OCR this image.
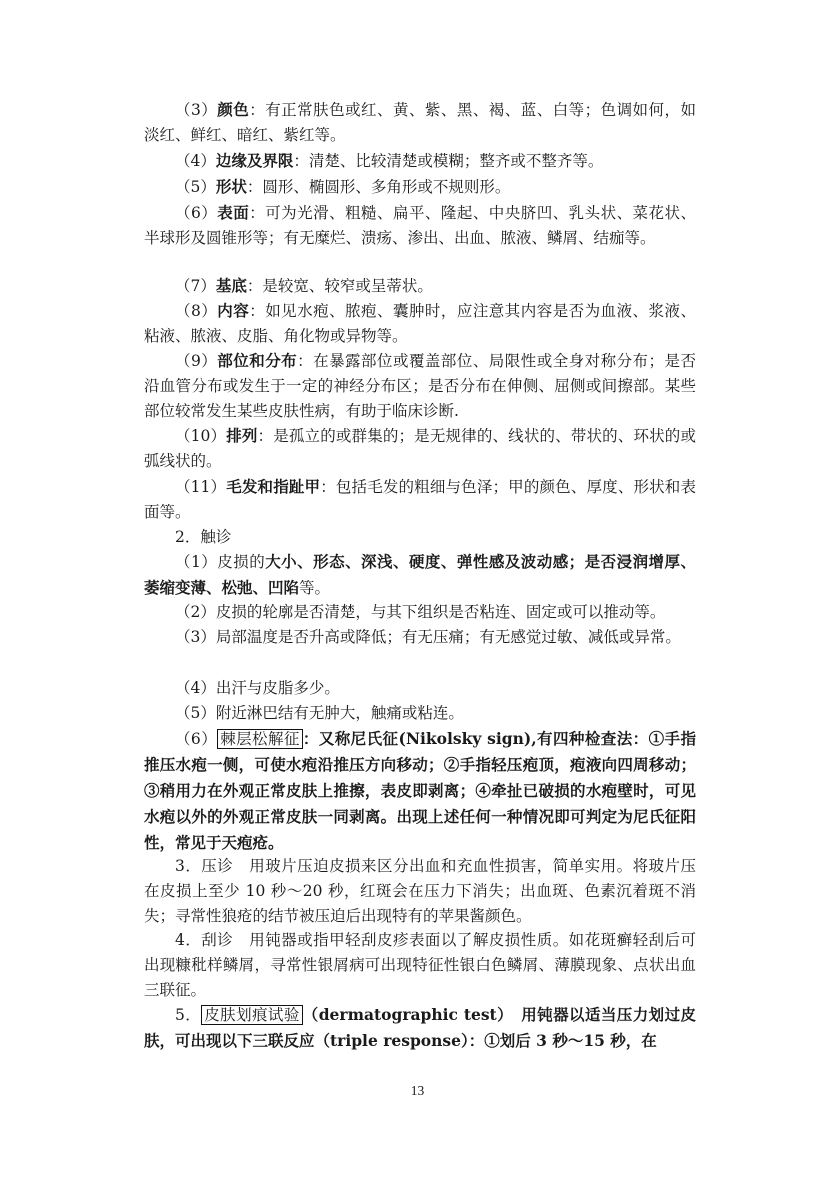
（3）颜色：有正常肤色或红、黄、紫、黑、褐、蓝、白等；色调如何，如淡红、鲜红、暗红、紫红等。

（4）边缘及界限：清楚、比较清楚或模糊；整齐或不整齐等。

（5）形状：圆形、椭圆形、多角形或不规则形。

（6）表面：可为光滑、粗糙、扁平、隆起、中央脐凹、乳头状、菜花状、半球形及圆锥形等；有无糜烂、溃疡、渗出、出血、脓液、鳞屑、结痂等。

（7）基底：是较宽、较窄或呈蒂状。

（8）内容：如见水疱、脓疱、囊肿时，应注意其内容是否为血液、浆液、粘液、脓液、皮脂、角化物或异物等。

（9）部位和分布：在暴露部位或覆盖部位、局限性或全身对称分布；是否沿血管分布或发生于一定的神经分布区；是否分布在伸侧、屈侧或间擦部。某些部位较常发生某些皮肤性病，有助于临床诊断.

（10）排列：是孤立的或群集的；是无规律的、线状的、带状的、环状的或弧线状的。

（11）毛发和指趾甲：包括毛发的粗细与色泽；甲的颜色、厚度、形状和表面等。

2．触诊

（1）皮损的大小、形态、深浅、硬度、弹性感及波动感；是否浸润增厚、萎缩变薄、松弛、凹陷等。

（2）皮损的轮廓是否清楚，与其下组织是否粘连、固定或可以推动等。

（3）局部温度是否升高或降低；有无压痛；有无感觉过敏、减低或异常。

（4）出汗与皮脂多少。

（5）附近淋巴结有无肿大，触痛或粘连。

（6） 棘层松解征 ：又称尼氏征(Nikolsky sign),有四种检查法：①手指推压水疱一侧，可使水疱沿推压方向移动；②手指轻压疱顶，疱液向四周移动；③稍用力在外观正常皮肤上推擦，表皮即剥离；④牵扯已破损的水疱壁时，可见水疱以外的外观正常皮肤一同剥离。出现上述任何一种情况即可判定为尼氏征阳性，常见于天疱疮。

3．压诊　用玻片压迫皮损来区分出血和充血性损害，简单实用。将玻片压在皮损上至少 10 秒～20 秒，红斑会在压力下消失；出血斑、色素沉着斑不消失；寻常性狼疮的结节被压迫后出现特有的苹果酱颜色。

4．刮诊　用钝器或指甲轻刮皮疹表面以了解皮损性质。如花斑癣轻刮后可出现糠秕样鳞屑，寻常性银屑病可出现特征性银白色鳞屑、薄膜现象、点状出血三联征。

5． 皮肤划痕试验 （dermatographic test）　用钝器以适当压力划过皮肤，可出现以下三联反应（triple response）：①划后 3 秒～15 秒，在

13
